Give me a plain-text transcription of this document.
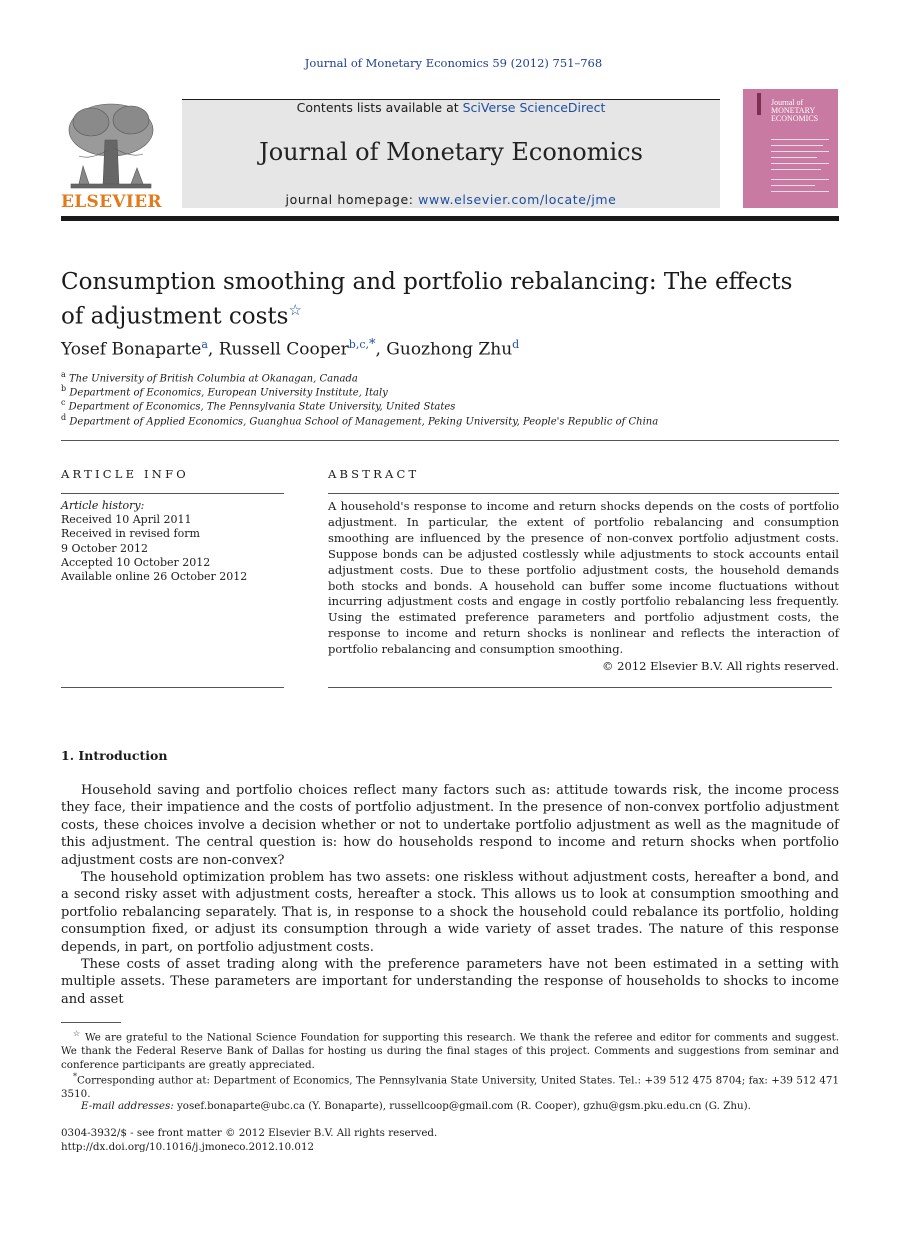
Journal of Monetary Economics 59 (2012) 751–768
ELSEVIER
Contents lists available at SciVerse ScienceDirect
Journal of Monetary Economics
journal homepage: www.elsevier.com/locate/jme
Journal of MONETARY ECONOMICS
Consumption smoothing and portfolio rebalancing: The effects
of adjustment costs☆
Yosef Bonaparte$^a$, Russell Cooper$^{b,c,*}$, Guozhong Zhu$^d$
$^a$ The University of British Columbia at Okanagan, Canada
$^b$ Department of Economics, European University Institute, Italy
$^c$ Department of Economics, The Pennsylvania State University, United States
$^d$ Department of Applied Economics, Guanghua School of Management, Peking University, People's Republic of China
ARTICLE INFO
Article history:
Received 10 April 2011
Received in revised form
9 October 2012
Accepted 10 October 2012
Available online 26 October 2012
ABSTRACT
A household's response to income and return shocks depends on the costs of portfolio adjustment. In particular, the extent of portfolio rebalancing and consumption smoothing are influenced by the presence of non-convex portfolio adjustment costs. Suppose bonds can be adjusted costlessly while adjustments to stock accounts entail adjustment costs. Due to these portfolio adjustment costs, the household demands both stocks and bonds. A household can buffer some income fluctuations without incurring adjustment costs and engage in costly portfolio rebalancing less frequently. Using the estimated preference parameters and portfolio adjustment costs, the response to income and return shocks is nonlinear and reflects the interaction of portfolio rebalancing and consumption smoothing.
© 2012 Elsevier B.V. All rights reserved.
1. Introduction

Household saving and portfolio choices reflect many factors such as: attitude towards risk, the income process they face, their impatience and the costs of portfolio adjustment. In the presence of non-convex portfolio adjustment costs, these choices involve a decision whether or not to undertake portfolio adjustment as well as the magnitude of this adjustment. The central question is: how do households respond to income and return shocks when portfolio adjustment costs are non-convex?

The household optimization problem has two assets: one riskless without adjustment costs, hereafter a bond, and a second risky asset with adjustment costs, hereafter a stock. This allows us to look at consumption smoothing and portfolio rebalancing separately. That is, in response to a shock the household could rebalance its portfolio, holding consumption fixed, or adjust its consumption through a wide variety of asset trades. The nature of this response depends, in part, on portfolio adjustment costs.

These costs of asset trading along with the preference parameters have not been estimated in a setting with multiple assets. These parameters are important for understanding the response of households to shocks to income and asset

☆ We are grateful to the National Science Foundation for supporting this research. We thank the referee and editor for comments and suggest. We thank the Federal Reserve Bank of Dallas for hosting us during the final stages of this project. Comments and suggestions from seminar and conference participants are greatly appreciated.
*Corresponding author at: Department of Economics, The Pennsylvania State University, United States. Tel.: +39 512 475 8704; fax: +39 512 471 3510.
E-mail addresses: yosef.bonaparte@ubc.ca (Y. Bonaparte), russellcoop@gmail.com (R. Cooper), gzhu@gsm.pku.edu.cn (G. Zhu).
0304-3932/$ - see front matter © 2012 Elsevier B.V. All rights reserved.
http://dx.doi.org/10.1016/j.jmoneco.2012.10.012
